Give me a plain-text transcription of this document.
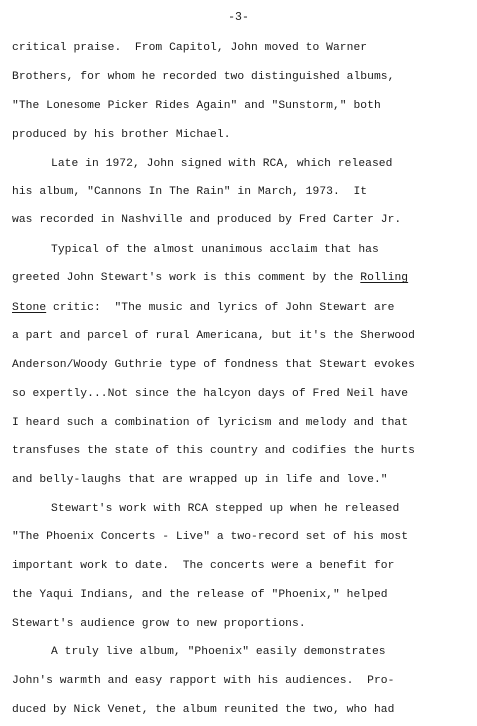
-3-
critical praise.  From Capitol, John moved to Warner
Brothers, for whom he recorded two distinguished albums,
"The Lonesome Picker Rides Again" and "Sunstorm," both
produced by his brother Michael.
Late in 1972, John signed with RCA, which released
his album, "Cannons In The Rain" in March, 1973.  It
was recorded in Nashville and produced by Fred Carter Jr.
Typical of the almost unanimous acclaim that has
greeted John Stewart's work is this comment by the Rolling
Stone critic:  "The music and lyrics of John Stewart are
a part and parcel of rural Americana, but it's the Sherwood
Anderson/Woody Guthrie type of fondness that Stewart evokes
so expertly...Not since the halcyon days of Fred Neil have
I heard such a combination of lyricism and melody and that
transfuses the state of this country and codifies the hurts
and belly-laughs that are wrapped up in life and love."
Stewart's work with RCA stepped up when he released
"The Phoenix Concerts - Live" a two-record set of his most
important work to date.  The concerts were a benefit for
the Yaqui Indians, and the release of "Phoenix," helped
Stewart's audience grow to new proportions.
A truly live album, "Phoenix" easily demonstrates
John's warmth and easy rapport with his audiences.  Pro-
duced by Nick Venet, the album reunited the two, who had
